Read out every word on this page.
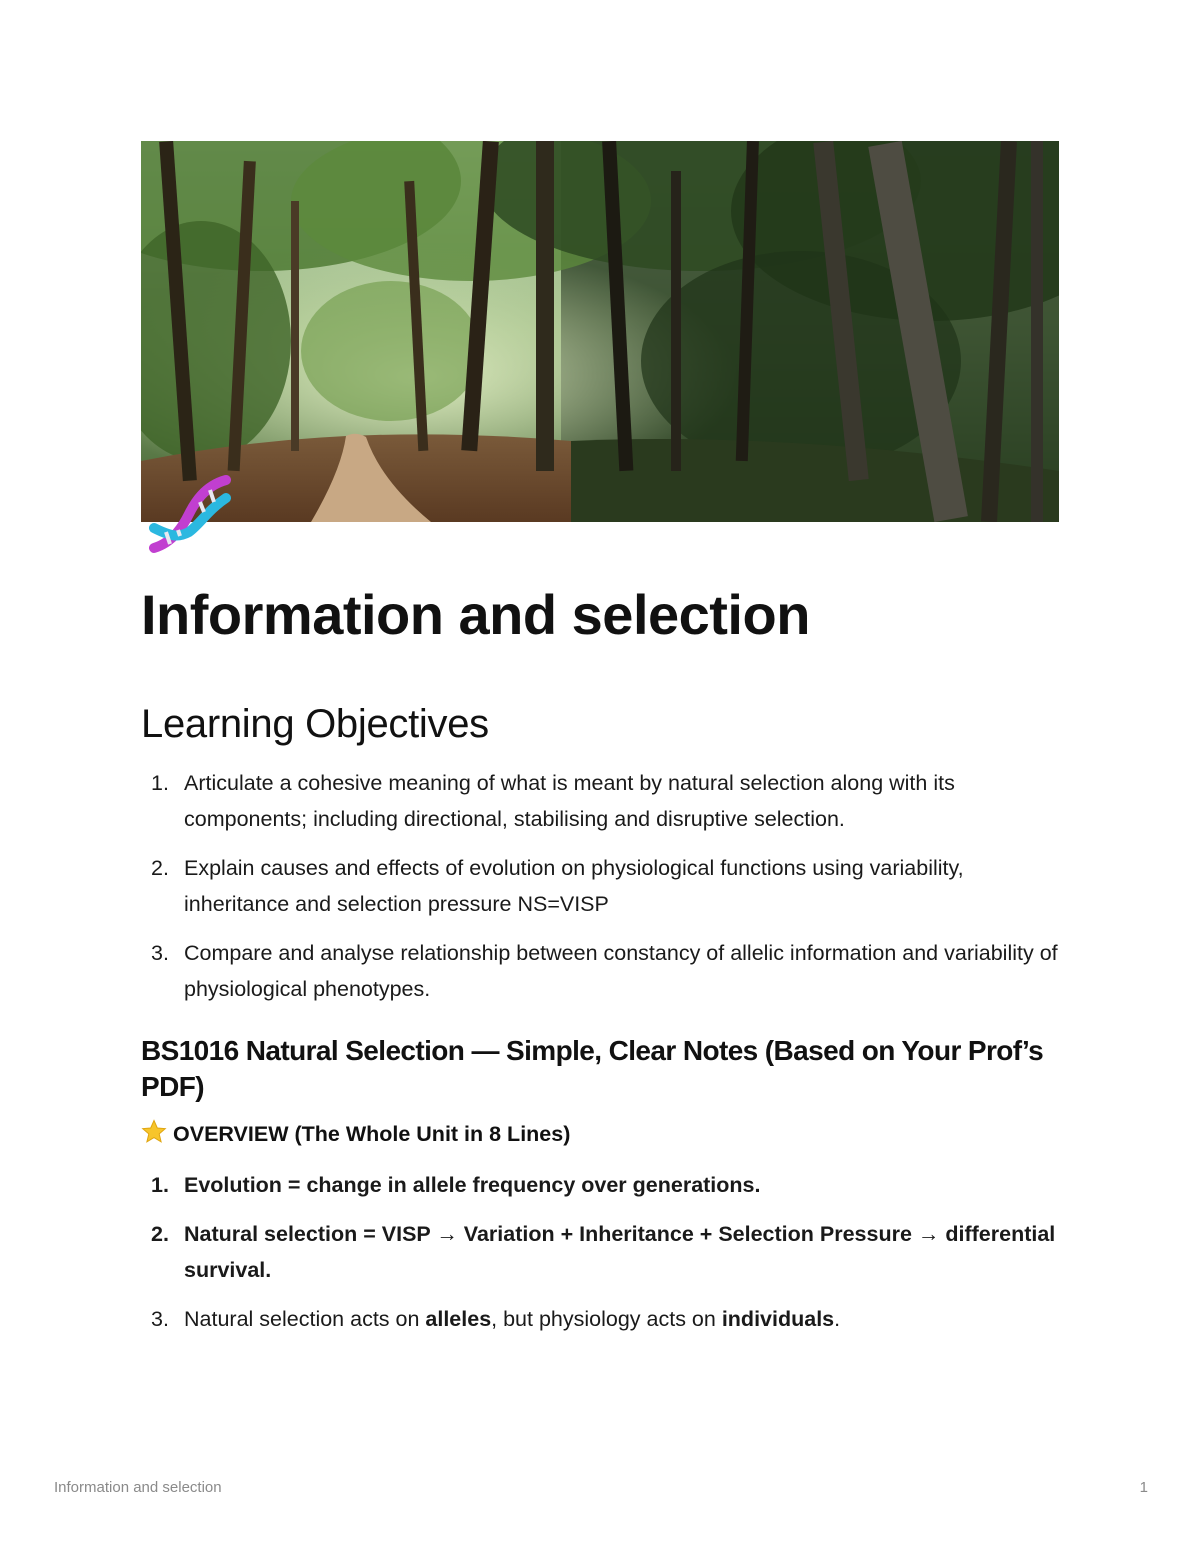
Information and selection
Learning Objectives
1. Articulate a cohesive meaning of what is meant by natural selection along with its components; including directional, stabilising and disruptive selection.
2. Explain causes and effects of evolution on physiological functions using variability, inheritance and selection pressure NS=VISP
3. Compare and analyse relationship between constancy of allelic information and variability of physiological phenotypes.
BS1016 Natural Selection — Simple, Clear Notes (Based on Your Prof’s PDF)
OVERVIEW (The Whole Unit in 8 Lines)
1. Evolution = change in allele frequency over generations.
2. Natural selection = VISP → Variation + Inheritance + Selection Pressure → differential survival.
3. Natural selection acts on alleles, but physiology acts on individuals.
Information and selection	1
